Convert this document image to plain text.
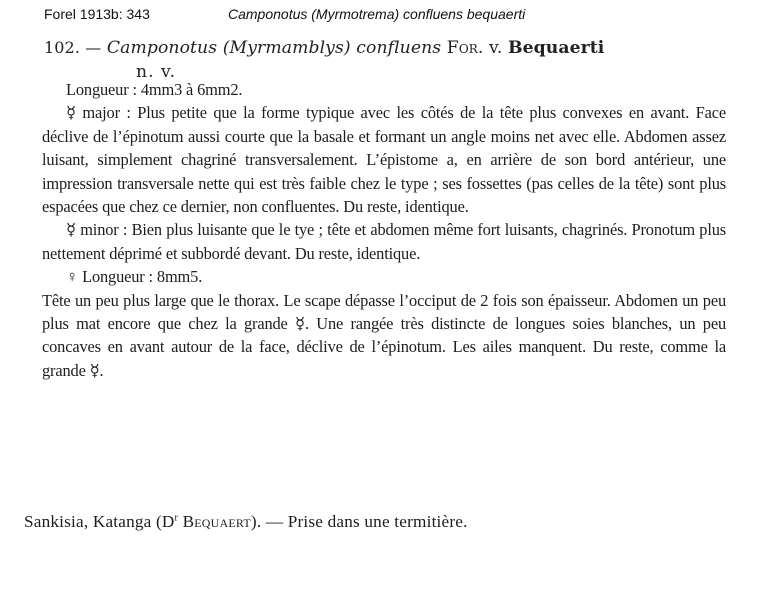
Forel 1913b: 343	Camponotus (Myrmotrema) confluens bequaerti

102. — Camponotus (Myrmamblys) confluens For. v. Bequaerti

n. v.

Longueur : 4mm3 à 6mm2.

☿ major : Plus petite que la forme typique avec les côtés de la tête plus convexes en avant. Face déclive de l’épinotum aussi courte que la basale et formant un angle moins net avec elle. Abdomen assez luisant, simplement chagriné transversalement. L’épistome a, en arrière de son bord antérieur, une impression transversale nette qui est très faible chez le type ; ses fossettes (pas celles de la tête) sont plus espacées que chez ce dernier, non confluentes. Du reste, identique.

☿ minor : Bien plus luisante que le tye ; tête et abdomen même fort luisants, chagrinés. Pronotum plus nettement déprimé et subbordé devant. Du reste, identique.

♀ Longueur : 8mm5.

Tête un peu plus large que le thorax. Le scape dépasse l’occiput de 2 fois son épaisseur. Abdomen un peu plus mat encore que chez la grande ☿. Une rangée très distincte de longues soies blanches, un peu concaves en avant autour de la face, déclive de l’épinotum. Les ailes manquent. Du reste, comme la grande ☿.

Sankisia, Katanga ($D^r$ Bequaert). — Prise dans une termitière.
